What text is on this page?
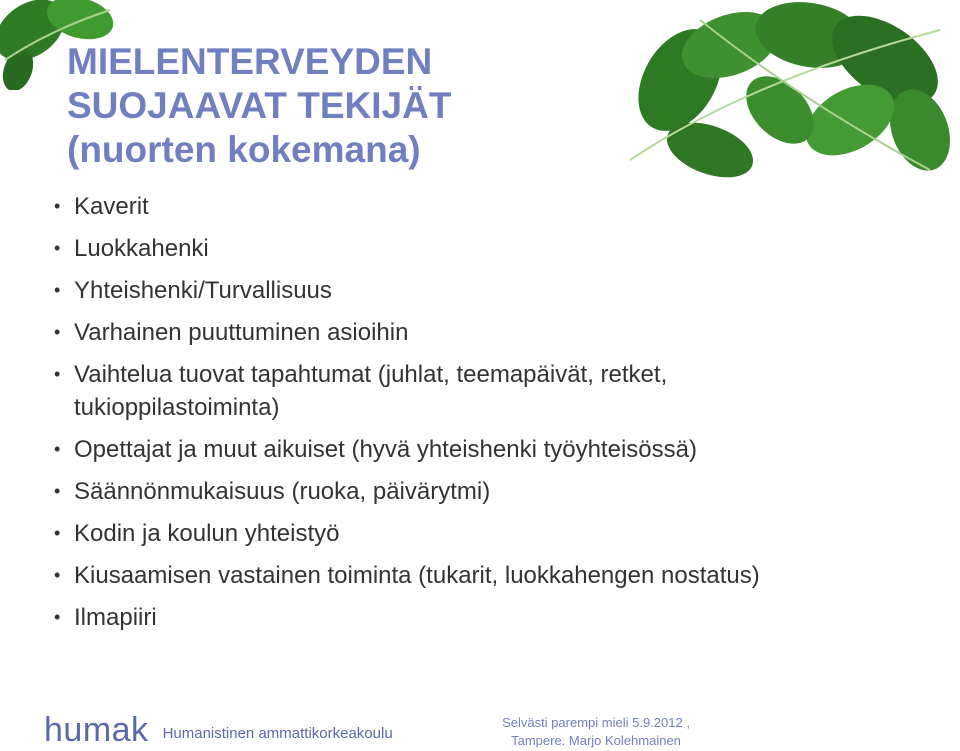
MIELENTERVEYDEN
SUOJAAVAT TEKIJÄT
(nuorten kokemana)
• Kaverit
• Luokkahenki
• Yhteishenki/Turvallisuus
• Varhainen puuttuminen asioihin
• Vaihtelua tuovat tapahtumat (juhlat, teemapäivät, retket, tukioppilastoiminta)
• Opettajat ja muut aikuiset (hyvä yhteishenki työyhteisössä)
• Säännönmukaisuus (ruoka, päivärytmi)
• Kodin ja koulun yhteistyö
• Kiusaamisen vastainen toiminta (tukarit, luokkahengen nostatus)
• Ilmapiiri
humak Humanistinen ammattikorkeakoulu
Selvästi parempi mieli 5.9.2012 ,
Tampere. Marjo Kolehmainen
